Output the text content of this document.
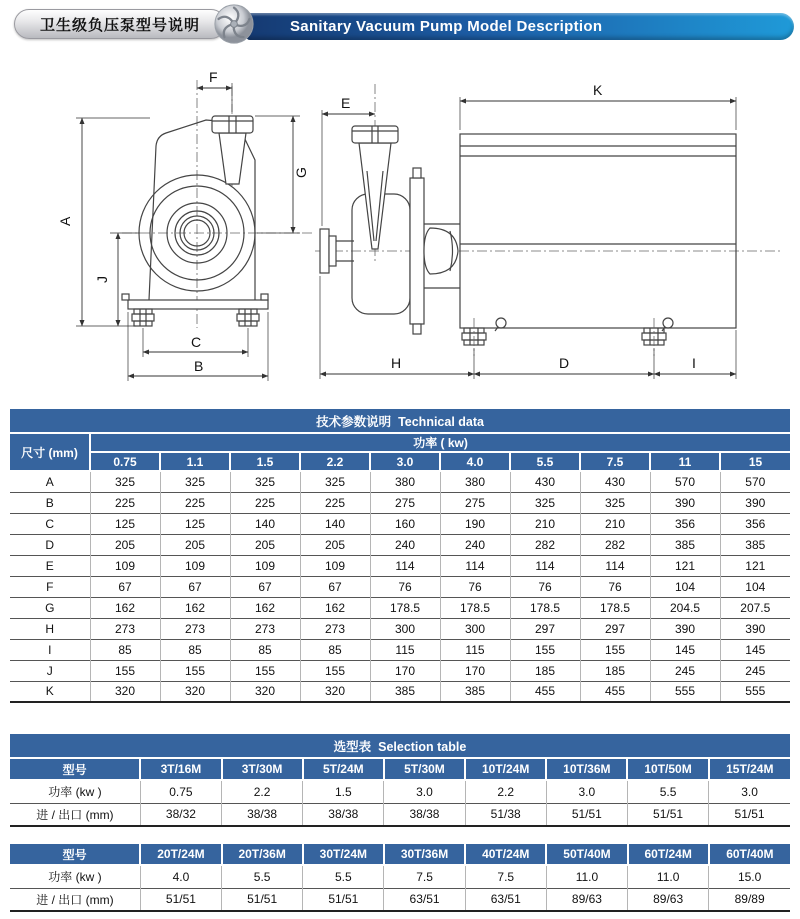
Sanitary Vacuum Pump Model Description
卫生级负压泵型号说明
F
A
J
G
C
B
E
K
H	D	I
技术参数说明  Technical data										
尺寸 (mm)	功率 ( kw)									
	0.75	1.1	1.5	2.2	3.0	4.0	5.5	7.5	11	15
A	325	325	325	325	380	380	430	430	570	570
B	225	225	225	225	275	275	325	325	390	390
C	125	125	140	140	160	190	210	210	356	356
D	205	205	205	205	240	240	282	282	385	385
E	109	109	109	109	114	114	114	114	121	121
F	67	67	67	67	76	76	76	76	104	104
G	162	162	162	162	178.5	178.5	178.5	178.5	204.5	207.5
H	273	273	273	273	300	300	297	297	390	390
I	85	85	85	85	115	115	155	155	145	145
J	155	155	155	155	170	170	185	185	245	245
K	320	320	320	320	385	385	455	455	555	555
选型表  Selection table								
型号	3T/16M	3T/30M	5T/24M	5T/30M	10T/24M	10T/36M	10T/50M	15T/24M
功率 (kw )	0.75	2.2	1.5	3.0	2.2	3.0	5.5	3.0
进 / 出口 (mm)	38/32	38/38	38/38	38/38	51/38	51/51	51/51	51/51
型号	20T/24M	20T/36M	30T/24M	30T/36M	40T/24M	50T/40M	60T/24M	60T/40M
功率 (kw )	4.0	5.5	5.5	7.5	7.5	11.0	11.0	15.0
进 / 出口 (mm)	51/51	51/51	51/51	63/51	63/51	89/63	89/63	89/89
